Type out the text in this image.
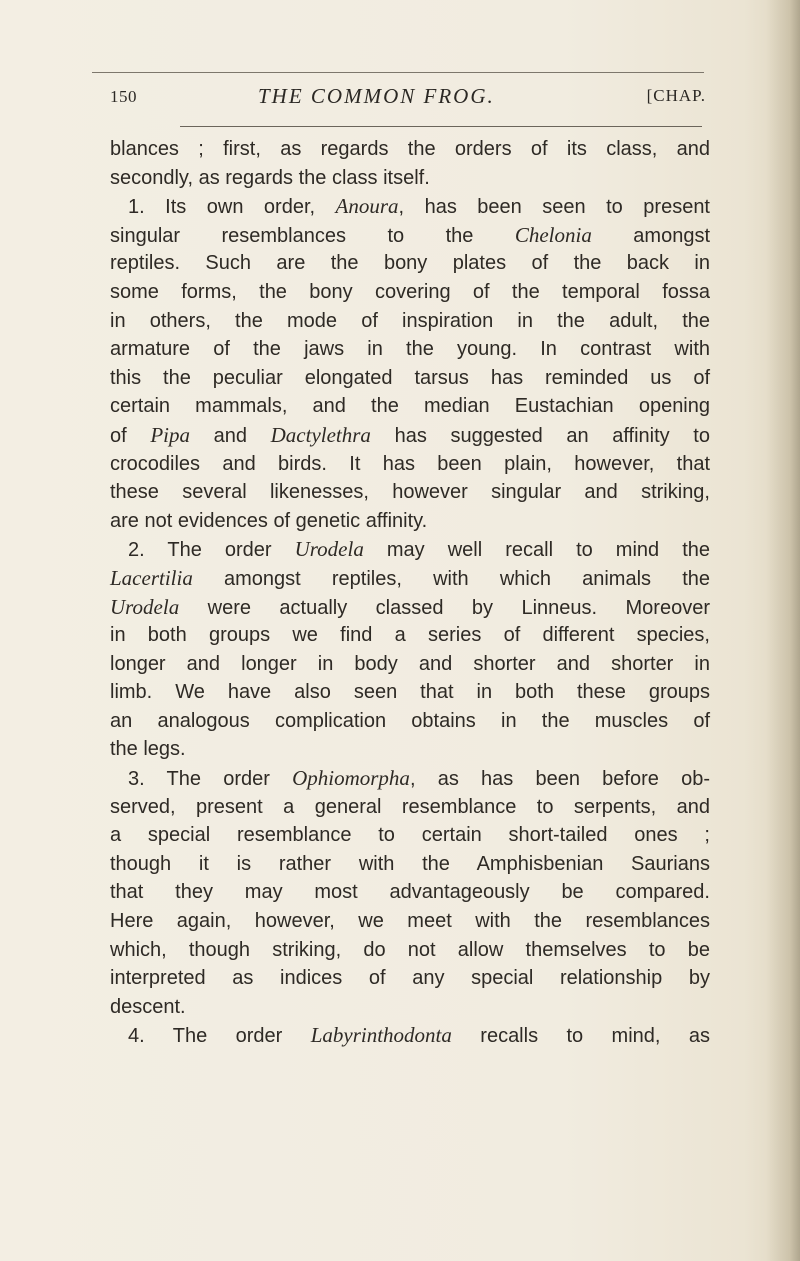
150	THE COMMON FROG.	[CHAP.
blances ; first, as regards the orders of its class, and
secondly, as regards the class itself.
1. Its own order, Anoura, has been seen to present
singular resemblances to the Chelonia amongst
reptiles. Such are the bony plates of the back in
some forms, the bony covering of the temporal fossa
in others, the mode of inspiration in the adult, the
armature of the jaws in the young. In contrast with
this the peculiar elongated tarsus has reminded us of
certain mammals, and the median Eustachian opening
of Pipa and Dactylethra has suggested an affinity to
crocodiles and birds. It has been plain, however, that
these several likenesses, however singular and striking,
are not evidences of genetic affinity.
2. The order Urodela may well recall to mind the
Lacertilia amongst reptiles, with which animals the
Urodela were actually classed by Linneus. Moreover
in both groups we find a series of different species,
longer and longer in body and shorter and shorter in
limb. We have also seen that in both these groups
an analogous complication obtains in the muscles of
the legs.
3. The order Ophiomorpha, as has been before ob-
served, present a general resemblance to serpents, and
a special resemblance to certain short-tailed ones ;
though it is rather with the Amphisbenian Saurians
that they may most advantageously be compared.
Here again, however, we meet with the resemblances
which, though striking, do not allow themselves to be
interpreted as indices of any special relationship by
descent.
4. The order Labyrinthodonta recalls to mind, as
